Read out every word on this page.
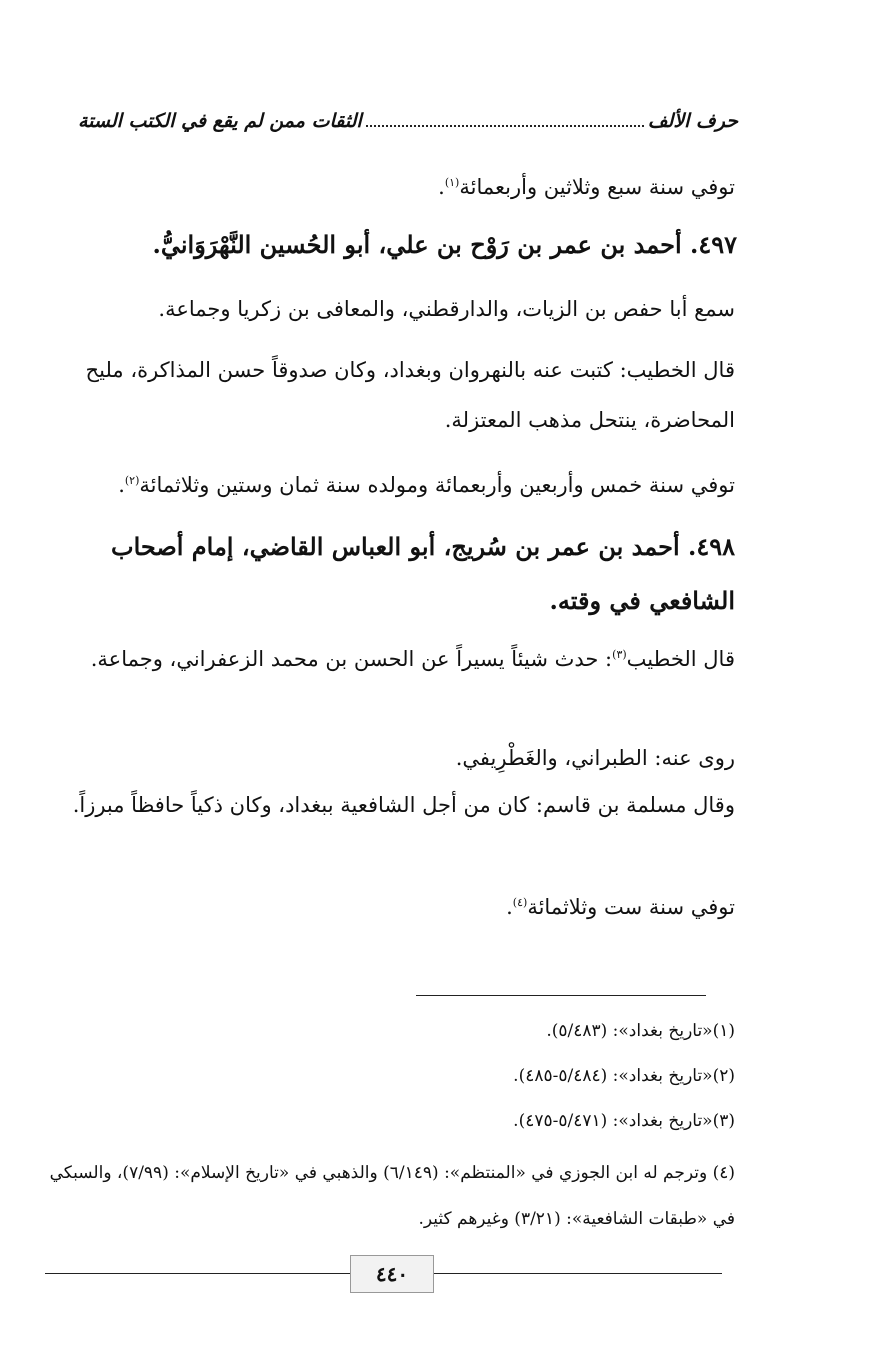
الثقات ممن لم يقع في الكتب الستة	حرف الألف
توفي سنة سبع وثلاثين وأربعمائة$^{(١)}$.
٤٩٧. أحمد بن عمر بن رَوْح بن علي، أبو الحُسين النَّهْرَوَانيُّ.
سمع أبا حفص بن الزيات، والدارقطني، والمعافى بن زكريا وجماعة.
قال الخطيب: كتبت عنه بالنهروان وبغداد، وكان صدوقاً حسن المذاكرة، مليح المحاضرة، ينتحل مذهب المعتزلة.
توفي سنة خمس وأربعين وأربعمائة ومولده سنة ثمان وستين وثلاثمائة$^{(٢)}$.
٤٩٨. أحمد بن عمر بن سُريج، أبو العباس القاضي، إمام أصحاب الشافعي في وقته.
قال الخطيب$^{(٣)}$: حدث شيئاً يسيراً عن الحسن بن محمد الزعفراني، وجماعة.
روى عنه: الطبراني، والغَطْرِيفي.
وقال مسلمة بن قاسم: كان من أجل الشافعية ببغداد، وكان ذكياً حافظاً مبرزاً.
توفي سنة ست وثلاثمائة$^{(٤)}$.
(١)«تاريخ بغداد»: (٥/٤٨٣).
(٢)«تاريخ بغداد»: (٥/٤٨٤-٤٨٥).
(٣)«تاريخ بغداد»: (٥/٤٧١-٤٧٥).
(٤) وترجم له ابن الجوزي في «المنتظم»: (٦/١٤٩) والذهبي في «تاريخ الإسلام»: (٧/٩٩)، والسبكي في «طبقات الشافعية»: (٣/٢١) وغيرهم كثير.
٤٤٠
